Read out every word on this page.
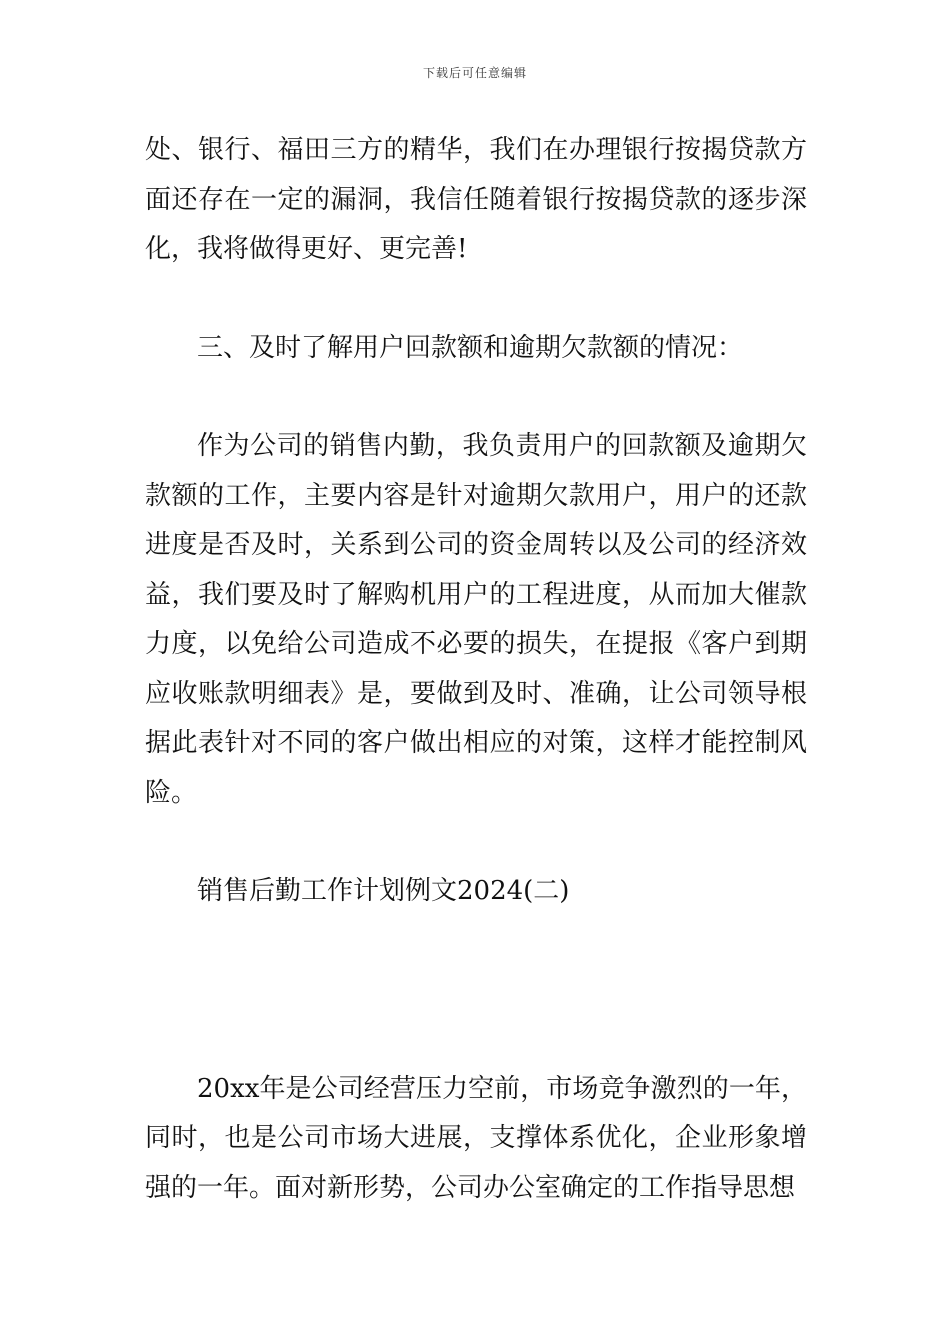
下载后可任意编辑

处、银行、福田三方的精华，我们在办理银行按揭贷款方面还存在一定的漏洞，我信任随着银行按揭贷款的逐步深化，我将做得更好、更完善!

三、及时了解用户回款额和逾期欠款额的情况：

作为公司的销售内勤，我负责用户的回款额及逾期欠款额的工作，主要内容是针对逾期欠款用户，用户的还款进度是否及时，关系到公司的资金周转以及公司的经济效益，我们要及时了解购机用户的工程进度，从而加大催款力度，以免给公司造成不必要的损失，在提报《客户到期应收账款明细表》是，要做到及时、准确，让公司领导根据此表针对不同的客户做出相应的对策，这样才能控制风险。

销售后勤工作计划例文2024(二)

20xx年是公司经营压力空前，市场竞争激烈的一年，同时，也是公司市场大进展，支撑体系优化，企业形象增强的一年。面对新形势，公司办公室确定的工作指导思想
